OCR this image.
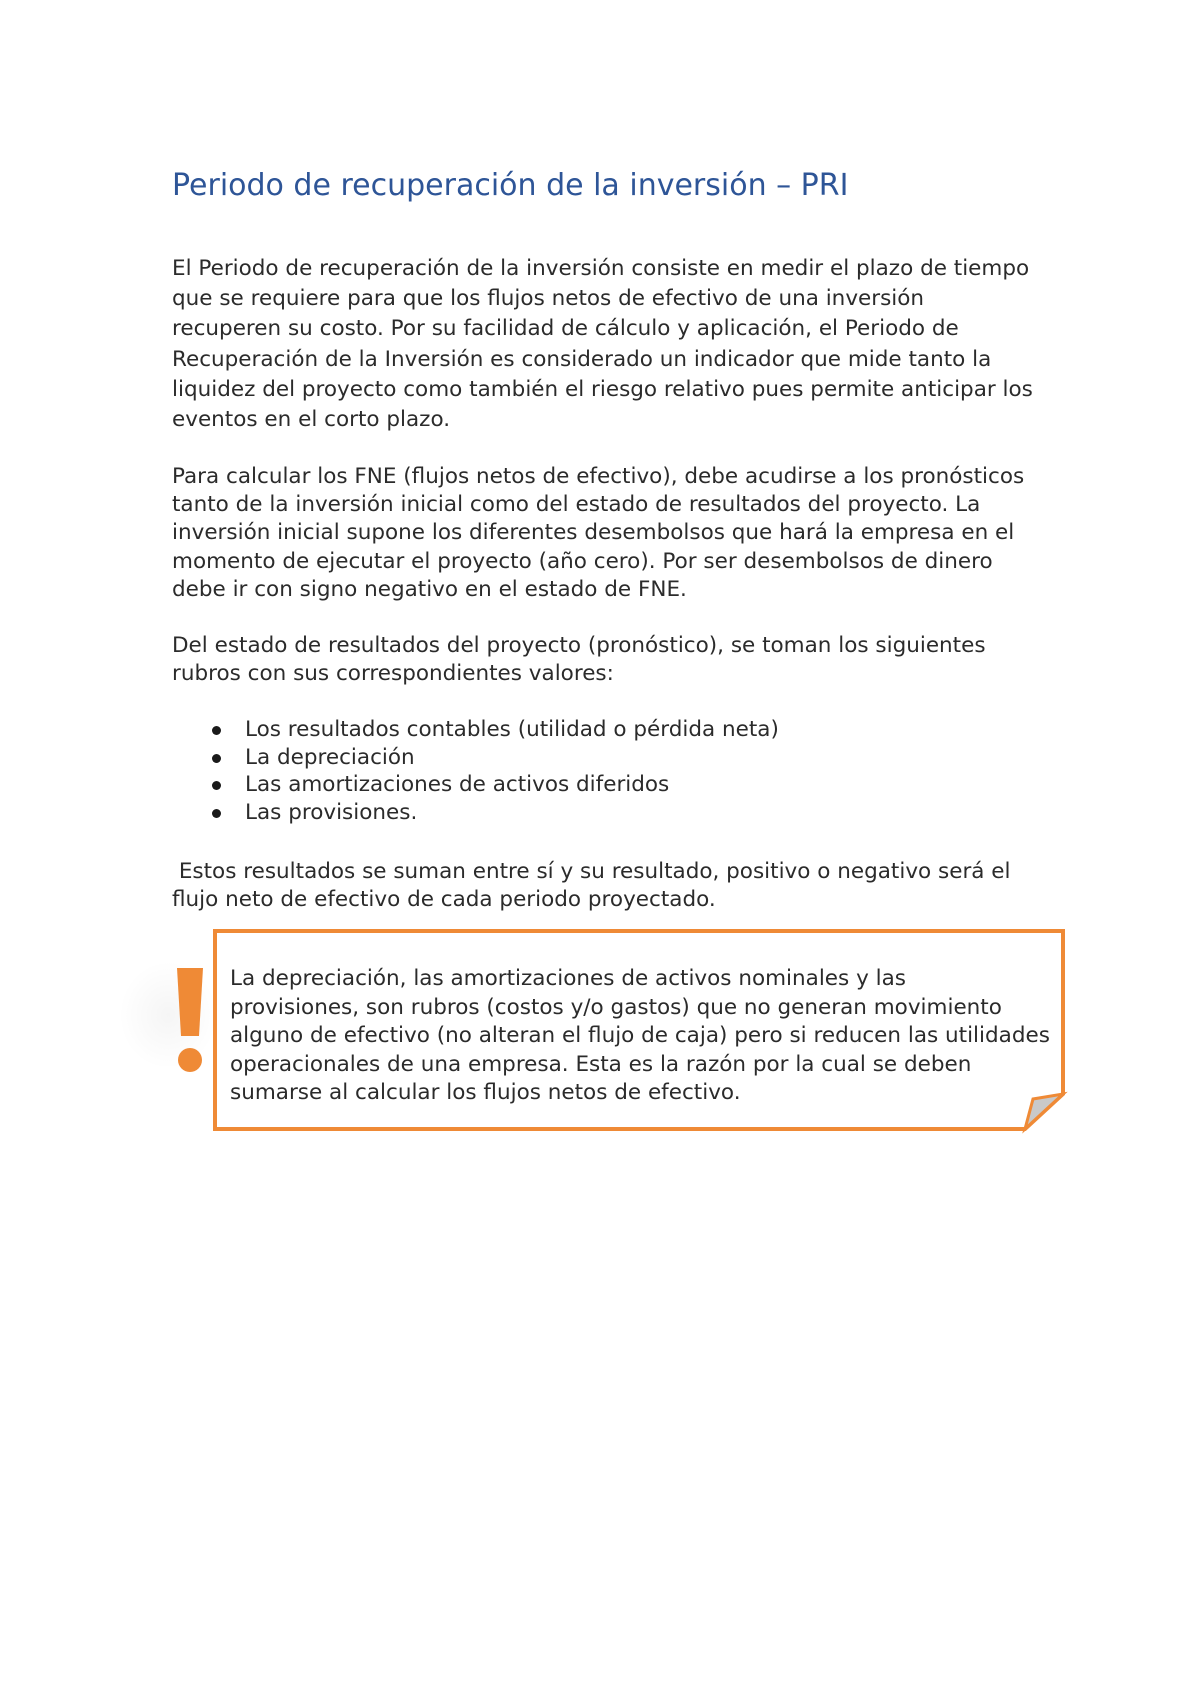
Periodo de recuperación de la inversión – PRI

El Periodo de recuperación de la inversión consiste en medir el plazo de tiempo
que se requiere para que los flujos netos de efectivo de una inversión
recuperen su costo. Por su facilidad de cálculo y aplicación, el Periodo de
Recuperación de la Inversión es considerado un indicador que mide tanto la
liquidez del proyecto como también el riesgo relativo pues permite anticipar los
eventos en el corto plazo.

Para calcular los FNE (flujos netos de efectivo), debe acudirse a los pronósticos
tanto de la inversión inicial como del estado de resultados del proyecto. La
inversión inicial supone los diferentes desembolsos que hará la empresa en el
momento de ejecutar el proyecto (año cero). Por ser desembolsos de dinero
debe ir con signo negativo en el estado de FNE.

Del estado de resultados del proyecto (pronóstico), se toman los siguientes
rubros con sus correspondientes valores:

Los resultados contables (utilidad o pérdida neta)
La depreciación
Las amortizaciones de activos diferidos
Las provisiones.

Estos resultados se suman entre sí y su resultado, positivo o negativo será el
flujo neto de efectivo de cada periodo proyectado.

La depreciación, las amortizaciones de activos nominales y las
provisiones, son rubros (costos y/o gastos) que no generan movimiento
alguno de efectivo (no alteran el flujo de caja) pero si reducen las utilidades
operacionales de una empresa. Esta es la razón por la cual se deben
sumarse al calcular los flujos netos de efectivo.
